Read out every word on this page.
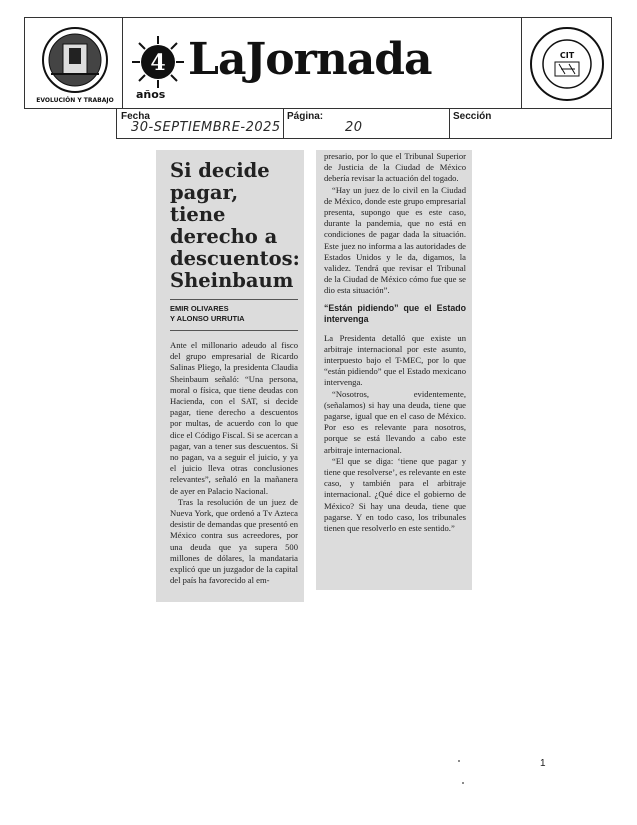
EVOLUCIÓN Y TRABAJO
4
años
LaJornada	CIT
Fecha
30-SEPTIEMBRE-2025
Página:
20
Sección
Si decide
pagar, tiene
derecho a
descuentos:
Sheinbaum
EMIR OLIVARES
Y ALONSO URRUTIA

Ante el millonario adeudo al fisco del grupo empresarial de Ricardo Salinas Pliego, la presidenta Claudia Sheinbaum señaló: “Una persona, moral o física, que tiene deudas con Hacienda, con el SAT, si decide pagar, tiene derecho a descuentos por multas, de acuerdo con lo que dice el Código Fiscal. Si se acercan a pagar, van a tener sus descuentos. Si no pagan, va a seguir el juicio, y ya el juicio lleva otras conclusiones relevantes”, señaló en la mañanera de ayer en Palacio Nacional.

Tras la resolución de un juez de Nueva York, que ordenó a Tv Azteca desistir de demandas que presentó en México contra sus acreedores, por una deuda que ya supera 500 millones de dólares, la mandataria explicó que un juzgador de la capital del país ha favorecido al em-

presario, por lo que el Tribunal Superior de Justicia de la Ciudad de México debería revisar la actuación del togado.

“Hay un juez de lo civil en la Ciudad de México, donde este grupo empresarial presenta, supongo que es este caso, durante la pandemia, que no está en condiciones de pagar dada la situación. Este juez no informa a las autoridades de Estados Unidos y le da, digamos, la validez. Tendrá que revisar el Tribunal de la Ciudad de México cómo fue que se dio esta situación”.

“Están pidiendo” que el Estado intervenga

La Presidenta detalló que existe un arbitraje internacional por este asunto, interpuesto bajo el T-MEC, por lo que “están pidiendo” que el Estado mexicano intervenga.

“Nosotros, evidentemente, (señalamos) si hay una deuda, tiene que pagarse, igual que en el caso de México. Por eso es relevante para nosotros, porque se está llevando a cabo este arbitraje internacional.

“El que se diga: ‘tiene que pagar y tiene que resolverse’, es relevante en este caso, y también para el arbitraje internacional. ¿Qué dice el gobierno de México? Si hay una deuda, tiene que pagarse. Y en todo caso, los tribunales tienen que resolverlo en este sentido.”

1
